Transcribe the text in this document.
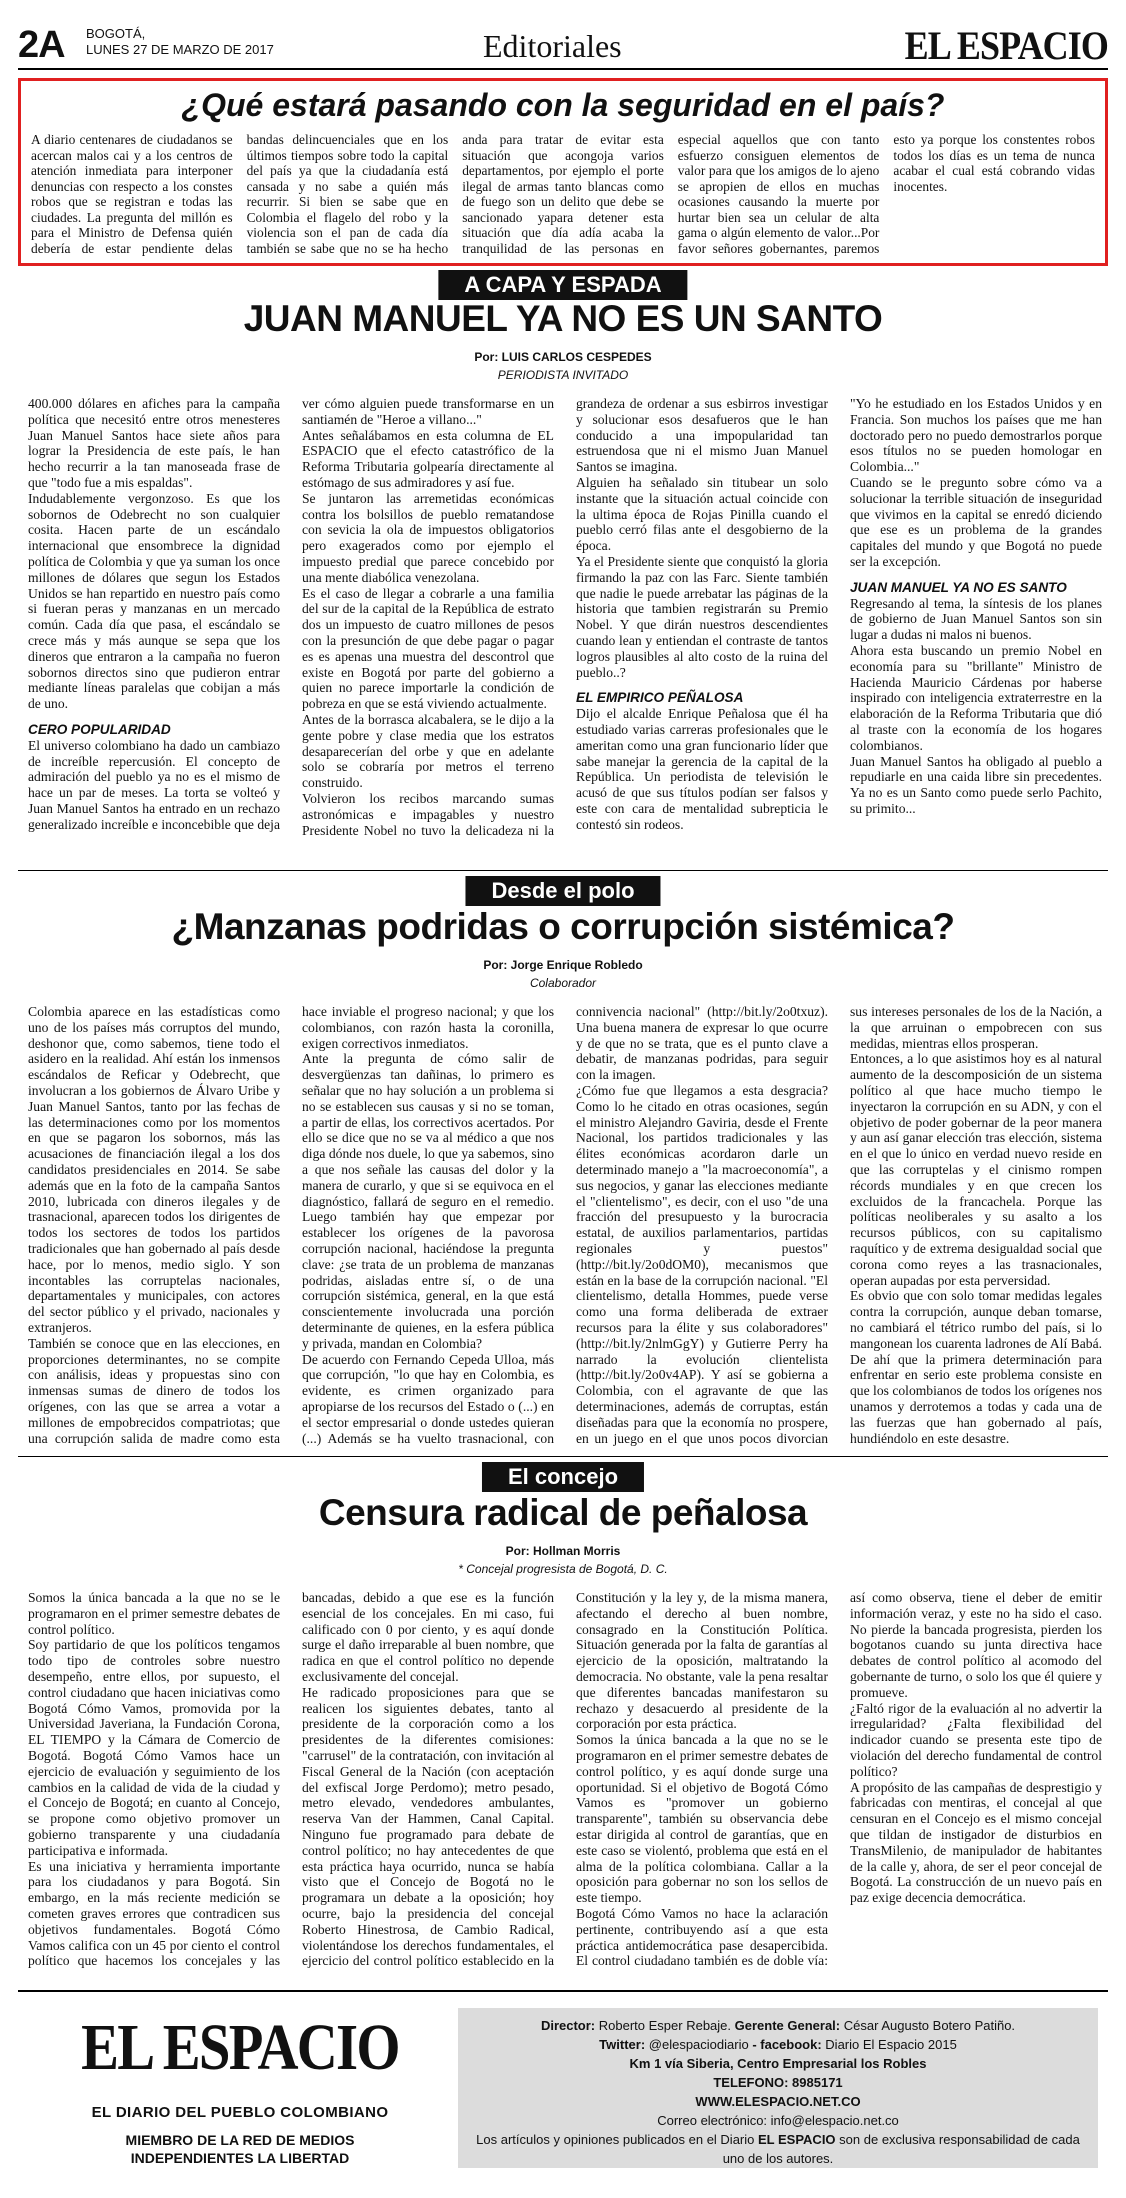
2A BOGOTÁ,
LUNES 27 DE MARZO DE 2017	Editoriales	EL ESPACIO
¿Qué estará pasando con la seguridad en el país?
A diario centenares de ciudadanos se acercan malos cai y a los centros de atención inmediata para interponer denuncias con respecto a los constes robos que se registran e todas las ciudades. La pregunta del millón es para el Ministro de Defensa quién debería de estar pendiente delas bandas delincuenciales que en los últimos tiempos sobre todo la capital del país ya que la ciudadanía está cansada y no sabe a quién más recurrir. Si bien se sabe que en Colombia el flagelo del robo y la violencia son el pan de cada día también se sabe que no se ha hecho anda para tratar de evitar esta situación que acongoja varios departamentos, por ejemplo el porte ilegal de armas tanto blancas como de fuego son un delito que debe se sancionado yapara detener esta situación que día adía acaba la tranquilidad de las personas en especial aquellos que con tanto esfuerzo consiguen elementos de valor para que los amigos de lo ajeno se apropien de ellos en muchas ocasiones causando la muerte por hurtar bien sea un celular de alta gama o algún elemento de valor...Por favor señores gobernantes, paremos esto ya porque los constentes robos todos los días es un tema de nunca acabar el cual está cobrando vidas inocentes.
A CAPA Y ESPADA
JUAN MANUEL YA NO ES UN SANTO
Por: LUIS CARLOS CESPEDES
PERIODISTA INVITADO

400.000 dólares en afiches para la campaña política que necesitó entre otros menesteres Juan Manuel Santos hace siete años para lograr la Presidencia de este país, le han hecho recurrir a la tan manoseada frase de que "todo fue a mis espaldas".

Indudablemente vergonzoso. Es que los sobornos de Odebrecht no son cualquier cosita. Hacen parte de un escándalo internacional que ensombrece la dignidad política de Colombia y que ya suman los once millones de dólares que segun los Estados Unidos se han repartido en nuestro país como si fueran peras y manzanas en un mercado común. Cada día que pasa, el escándalo se crece más y más aunque se sepa que los dineros que entraron a la campaña no fueron sobornos directos sino que pudieron entrar mediante líneas paralelas que cobijan a más de uno.

CERO POPULARIDAD

El universo colombiano ha dado un cambiazo de increíble repercusión. El concepto de admiración del pueblo ya no es el mismo de hace un par de meses. La torta se volteó y Juan Manuel Santos ha entrado en un rechazo generalizado increíble e inconcebible que deja ver cómo alguien puede transformarse en un santiamén de "Heroe a villano..."

Antes señalábamos en esta columna de EL ESPACIO que el efecto catastrófico de la Reforma Tributaria golpearía directamente al estómago de sus admiradores y así fue.

Se juntaron las arremetidas económicas contra los bolsillos de pueblo rematandose con sevicia la ola de impuestos obligatorios pero exagerados como por ejemplo el impuesto predial que parece concebido por una mente diabólica venezolana.

Es el caso de llegar a cobrarle a una familia del sur de la capital de la República de estrato dos un impuesto de cuatro millones de pesos con la presunción de que debe pagar o pagar es es apenas una muestra del descontrol que existe en Bogotá por parte del gobierno a quien no parece importarle la condición de pobreza en que se está viviendo actualmente.

Antes de la borrasca alcabalera, se le dijo a la gente pobre y clase media que los estratos desaparecerían del orbe y que en adelante solo se cobraría por metros el terreno construido.

Volvieron los recibos marcando sumas astronómicas e impagables y nuestro Presidente Nobel no tuvo la delicadeza ni la grandeza de ordenar a sus esbirros investigar y solucionar esos desafueros que le han conducido a una impopularidad tan estruendosa que ni el mismo Juan Manuel Santos se imagina.

Alguien ha señalado sin titubear un solo instante que la situación actual coincide con la ultima época de Rojas Pinilla cuando el pueblo cerró filas ante el desgobierno de la época.

Ya el Presidente siente que conquistó la gloria firmando la paz con las Farc. Siente también que nadie le puede arrebatar las páginas de la historia que tambien registrarán su Premio Nobel. Y que dirán nuestros descendientes cuando lean y entiendan el contraste de tantos logros plausibles al alto costo de la ruina del pueblo..?

EL EMPIRICO PEÑALOSA

Dijo el alcalde Enrique Peñalosa que él ha estudiado varias carreras profesionales que le ameritan como una gran funcionario líder que sabe manejar la gerencia de la capital de la República. Un periodista de televisión le acusó de que sus títulos podían ser falsos y este con cara de mentalidad subrepticia le contestó sin rodeos.

"Yo he estudiado en los Estados Unidos y en Francia. Son muchos los países que me han doctorado pero no puedo demostrarlos porque esos títulos no se pueden homologar en Colombia..."

Cuando se le pregunto sobre cómo va a solucionar la terrible situación de inseguridad que vivimos en la capital se enredó diciendo que ese es un problema de la grandes capitales del mundo y que Bogotá no puede ser la excepción.

JUAN MANUEL YA NO ES SANTO

Regresando al tema, la síntesis de los planes de gobierno de Juan Manuel Santos son sin lugar a dudas ni malos ni buenos.

Ahora esta buscando un premio Nobel en economía para su "brillante" Ministro de Hacienda Mauricio Cárdenas por haberse inspirado con inteligencia extraterrestre en la elaboración de la Reforma Tributaria que dió al traste con la economía de los hogares colombianos.

Juan Manuel Santos ha obligado al pueblo a repudiarle en una caida libre sin precedentes. Ya no es un Santo como puede serlo Pachito, su primito...

Desde el polo
¿Manzanas podridas o corrupción sistémica?
Por: Jorge Enrique Robledo
Colaborador

Colombia aparece en las estadísticas como uno de los países más corruptos del mundo, deshonor que, como sabemos, tiene todo el asidero en la realidad. Ahí están los inmensos escándalos de Reficar y Odebrecht, que involucran a los gobiernos de Álvaro Uribe y Juan Manuel Santos, tanto por las fechas de las determinaciones como por los momentos en que se pagaron los sobornos, más las acusaciones de financiación ilegal a los dos candidatos presidenciales en 2014. Se sabe además que en la foto de la campaña Santos 2010, lubricada con dineros ilegales y de trasnacional, aparecen todos los dirigentes de todos los sectores de todos los partidos tradicionales que han gobernado al país desde hace, por lo menos, medio siglo. Y son incontables las corruptelas nacionales, departamentales y municipales, con actores del sector público y el privado, nacionales y extranjeros.

También se conoce que en las elecciones, en proporciones determinantes, no se compite con análisis, ideas y propuestas sino con inmensas sumas de dinero de todos los orígenes, con las que se arrea a votar a millones de empobrecidos compatriotas; que una corrupción salida de madre como esta hace inviable el progreso nacional; y que los colombianos, con razón hasta la coronilla, exigen correctivos inmediatos.

Ante la pregunta de cómo salir de desvergüenzas tan dañinas, lo primero es señalar que no hay solución a un problema si no se establecen sus causas y si no se toman, a partir de ellas, los correctivos acertados. Por ello se dice que no se va al médico a que nos diga dónde nos duele, lo que ya sabemos, sino a que nos señale las causas del dolor y la manera de curarlo, y que si se equivoca en el diagnóstico, fallará de seguro en el remedio. Luego también hay que empezar por establecer los orígenes de la pavorosa corrupción nacional, haciéndose la pregunta clave: ¿se trata de un problema de manzanas podridas, aisladas entre sí, o de una corrupción sistémica, general, en la que está conscientemente involucrada una porción determinante de quienes, en la esfera pública y privada, mandan en Colombia?

De acuerdo con Fernando Cepeda Ulloa, más que corrupción, "lo que hay en Colombia, es evidente, es crimen organizado para apropiarse de los recursos del Estado o (...) en el sector empresarial o donde ustedes quieran (...) Además se ha vuelto trasnacional, con connivencia nacional" (http://bit.ly/2o0txuz). Una buena manera de expresar lo que ocurre y de que no se trata, que es el punto clave a debatir, de manzanas podridas, para seguir con la imagen.

¿Cómo fue que llegamos a esta desgracia? Como lo he citado en otras ocasiones, según el ministro Alejandro Gaviria, desde el Frente Nacional, los partidos tradicionales y las élites económicas acordaron darle un determinado manejo a "la macroeconomía", a sus negocios, y ganar las elecciones mediante el "clientelismo", es decir, con el uso "de una fracción del presupuesto y la burocracia estatal, de auxilios parlamentarios, partidas regionales y puestos" (http://bit.ly/2o0dOM0), mecanismos que están en la base de la corrupción nacional. "El clientelismo, detalla Hommes, puede verse como una forma deliberada de extraer recursos para la élite y sus colaboradores" (http://bit.ly/2nlmGgY) y Gutierre Perry ha narrado la evolución clientelista (http://bit.ly/2o0v4AP). Y así se gobierna a Colombia, con el agravante de que las determinaciones, además de corruptas, están diseñadas para que la economía no prospere, en un juego en el que unos pocos divorcian sus intereses personales de los de la Nación, a la que arruinan o empobrecen con sus medidas, mientras ellos prosperan.

Entonces, a lo que asistimos hoy es al natural aumento de la descomposición de un sistema político al que hace mucho tiempo le inyectaron la corrupción en su ADN, y con el objetivo de poder gobernar de la peor manera y aun así ganar elección tras elección, sistema en el que lo único en verdad nuevo reside en que las corruptelas y el cinismo rompen récords mundiales y en que crecen los excluidos de la francachela. Porque las políticas neoliberales y su asalto a los recursos públicos, con su capitalismo raquítico y de extrema desigualdad social que corona como reyes a las trasnacionales, operan aupadas por esta perversidad.

Es obvio que con solo tomar medidas legales contra la corrupción, aunque deban tomarse, no cambiará el tétrico rumbo del país, si lo mangonean los cuarenta ladrones de Alí Babá. De ahí que la primera determinación para enfrentar en serio este problema consiste en que los colombianos de todos los orígenes nos unamos y derrotemos a todas y cada una de las fuerzas que han gobernado al país, hundiéndolo en este desastre.

El concejo
Censura radical de peñalosa
Por: Hollman Morris
* Concejal progresista de Bogotá, D. C.

Somos la única bancada a la que no se le programaron en el primer semestre debates de control político.

Soy partidario de que los políticos tengamos todo tipo de controles sobre nuestro desempeño, entre ellos, por supuesto, el control ciudadano que hacen iniciativas como Bogotá Cómo Vamos, promovida por la Universidad Javeriana, la Fundación Corona, EL TIEMPO y la Cámara de Comercio de Bogotá. Bogotá Cómo Vamos hace un ejercicio de evaluación y seguimiento de los cambios en la calidad de vida de la ciudad y el Concejo de Bogotá; en cuanto al Concejo, se propone como objetivo promover un gobierno transparente y una ciudadanía participativa e informada.

Es una iniciativa y herramienta importante para los ciudadanos y para Bogotá. Sin embargo, en la más reciente medición se cometen graves errores que contradicen sus objetivos fundamentales. Bogotá Cómo Vamos califica con un 45 por ciento el control político que hacemos los concejales y las bancadas, debido a que ese es la función esencial de los concejales. En mi caso, fui calificado con 0 por ciento, y es aquí donde surge el daño irreparable al buen nombre, que radica en que el control político no depende exclusivamente del concejal.

He radicado proposiciones para que se realicen los siguientes debates, tanto al presidente de la corporación como a los presidentes de la diferentes comisiones: "carrusel" de la contratación, con invitación al Fiscal General de la Nación (con aceptación del exfiscal Jorge Perdomo); metro pesado, metro elevado, vendedores ambulantes, reserva Van der Hammen, Canal Capital. Ninguno fue programado para debate de control político; no hay antecedentes de que esta práctica haya ocurrido, nunca se había visto que el Concejo de Bogotá no le programara un debate a la oposición; hoy ocurre, bajo la presidencia del concejal Roberto Hinestrosa, de Cambio Radical, violentándose los derechos fundamentales, el ejercicio del control político establecido en la Constitución y la ley y, de la misma manera, afectando el derecho al buen nombre, consagrado en la Constitución Política. Situación generada por la falta de garantías al ejercicio de la oposición, maltratando la democracia. No obstante, vale la pena resaltar que diferentes bancadas manifestaron su rechazo y desacuerdo al presidente de la corporación por esta práctica.

Somos la única bancada a la que no se le programaron en el primer semestre debates de control político, y es aquí donde surge una oportunidad. Si el objetivo de Bogotá Cómo Vamos es "promover un gobierno transparente", también su observancia debe estar dirigida al control de garantías, que en este caso se violentó, problema que está en el alma de la política colombiana. Callar a la oposición para gobernar no son los sellos de este tiempo.

Bogotá Cómo Vamos no hace la aclaración pertinente, contribuyendo así a que esta práctica antidemocrática pase desapercibida. El control ciudadano también es de doble vía: así como observa, tiene el deber de emitir información veraz, y este no ha sido el caso. No pierde la bancada progresista, pierden los bogotanos cuando su junta directiva hace debates de control político al acomodo del gobernante de turno, o solo los que él quiere y promueve.

¿Faltó rigor de la evaluación al no advertir la irregularidad? ¿Falta flexibilidad del indicador cuando se presenta este tipo de violación del derecho fundamental de control político?

A propósito de las campañas de desprestigio y fabricadas con mentiras, el concejal al que censuran en el Concejo es el mismo concejal que tildan de instigador de disturbios en TransMilenio, de manipulador de habitantes de la calle y, ahora, de ser el peor concejal de Bogotá. La construcción de un nuevo país en paz exige decencia democrática.

EL ESPACIO
EL DIARIO DEL PUEBLO COLOMBIANO
MIEMBRO DE LA RED DE MEDIOS
INDEPENDIENTES LA LIBERTAD
Director: Roberto Esper Rebaje. Gerente General: César Augusto Botero Patiño.
Twitter: @elespaciodiario - facebook: Diario El Espacio 2015
Km 1 vía Siberia, Centro Empresarial los Robles
TELEFONO: 8985171
WWW.ELESPACIO.NET.CO
Correo electrónico: info@elespacio.net.co
Los artículos y opiniones publicados en el Diario EL ESPACIO son de exclusiva responsabilidad de cada uno de los autores.
